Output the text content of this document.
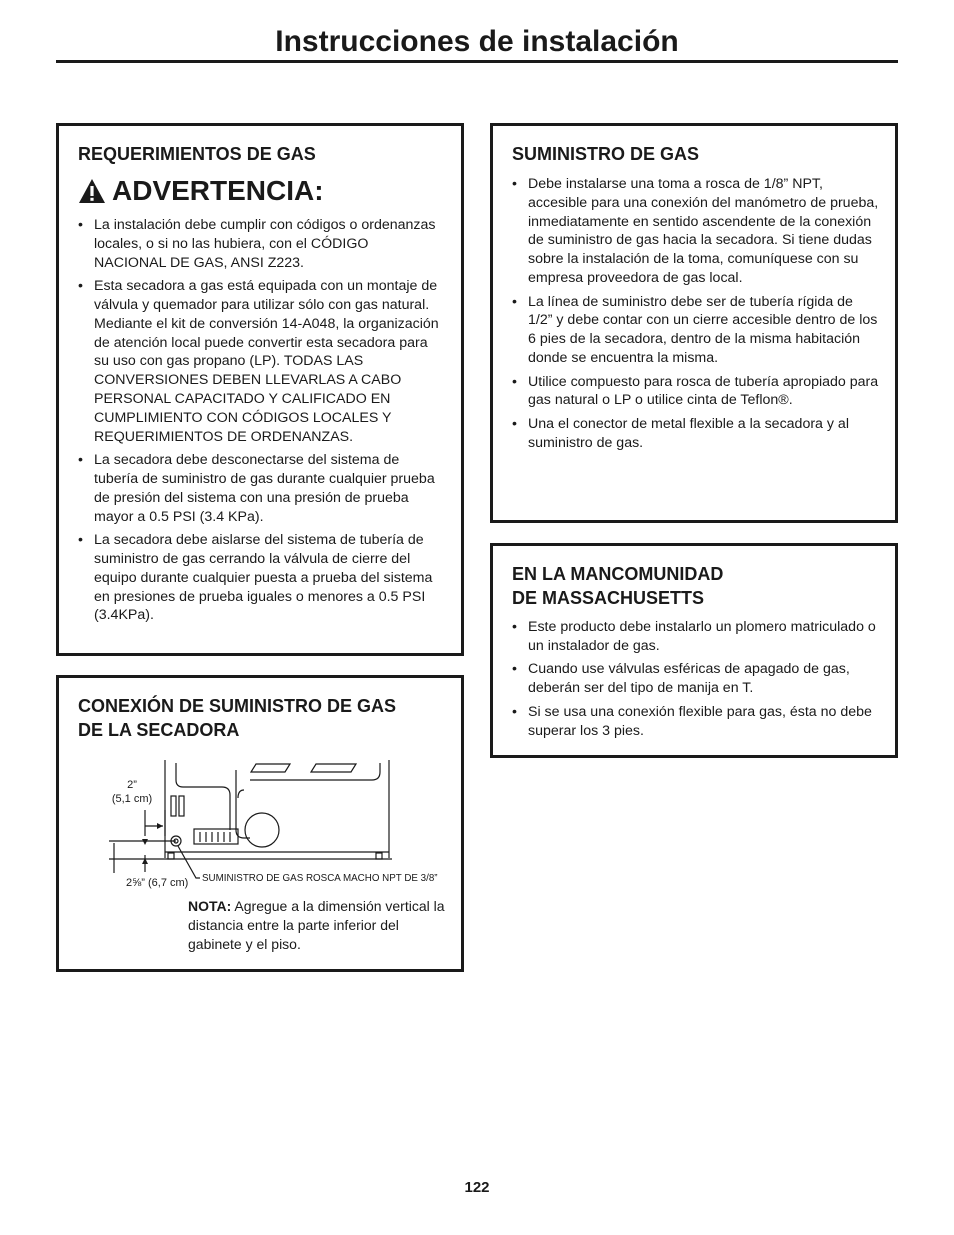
Instrucciones de instalación
REQUERIMIENTOS DE GAS
ADVERTENCIA:
• La instalación debe cumplir con códigos o ordenanzas locales, o si no las hubiera, con el CÓDIGO NACIONAL DE GAS, ANSI Z223.
• Esta secadora a gas está equipada con un montaje de válvula y quemador para utilizar sólo con gas natural. Mediante el kit de conversión 14-A048, la organización de atención local puede convertir esta secadora para su uso con gas propano (LP). TODAS LAS CONVERSIONES DEBEN LLEVARLAS A CABO PERSONAL CAPACITADO Y CALIFICADO EN CUMPLIMIENTO CON CÓDIGOS LOCALES Y REQUERIMIENTOS DE ORDENANZAS.
• La secadora debe desconectarse del sistema de tubería de suministro de gas durante cualquier prueba de presión del sistema con una presión de prueba mayor a 0.5 PSI (3.4 KPa).
• La secadora debe aislarse del sistema de tubería de suministro de gas cerrando la válvula de cierre del equipo durante cualquier puesta a prueba del sistema en presiones de prueba iguales o menores a 0.5 PSI (3.4KPa).
SUMINISTRO DE GAS
• Debe instalarse una toma a rosca de 1/8” NPT, accesible para una conexión del manómetro de prueba, inmediatamente en sentido ascendente de la conexión de suministro de gas hacia la secadora. Si tiene dudas sobre la instalación de la toma, comuníquese con su empresa proveedora de gas local.
• La línea de suministro debe ser de tubería rígida de 1/2” y debe contar con un cierre accesible dentro de los 6 pies de la secadora, dentro de la misma habitación donde se encuentra la misma.
• Utilice compuesto para rosca de tubería apropiado para gas natural o LP o utilice cinta de Teflon®.
• Una el conector de metal flexible a la secadora y al suministro de gas.
EN LA MANCOMUNIDAD
DE MASSACHUSETTS
• Este producto debe instalarlo un plomero matriculado o un instalador de gas.
• Cuando use válvulas esféricas de apagado de gas, deberán ser del tipo de manija en T.
• Si se usa una conexión flexible para gas, ésta no debe superar los 3 pies.
CONEXIÓN DE SUMINISTRO DE GAS
DE LA SECADORA
2”
(5,1 cm)
2⅝” (6,7 cm) SUMINISTRO DE GAS ROSCA MACHO NPT DE 3/8”
NOTA: Agregue a la dimensión vertical la distancia entre la parte inferior del gabinete y el piso.
122
